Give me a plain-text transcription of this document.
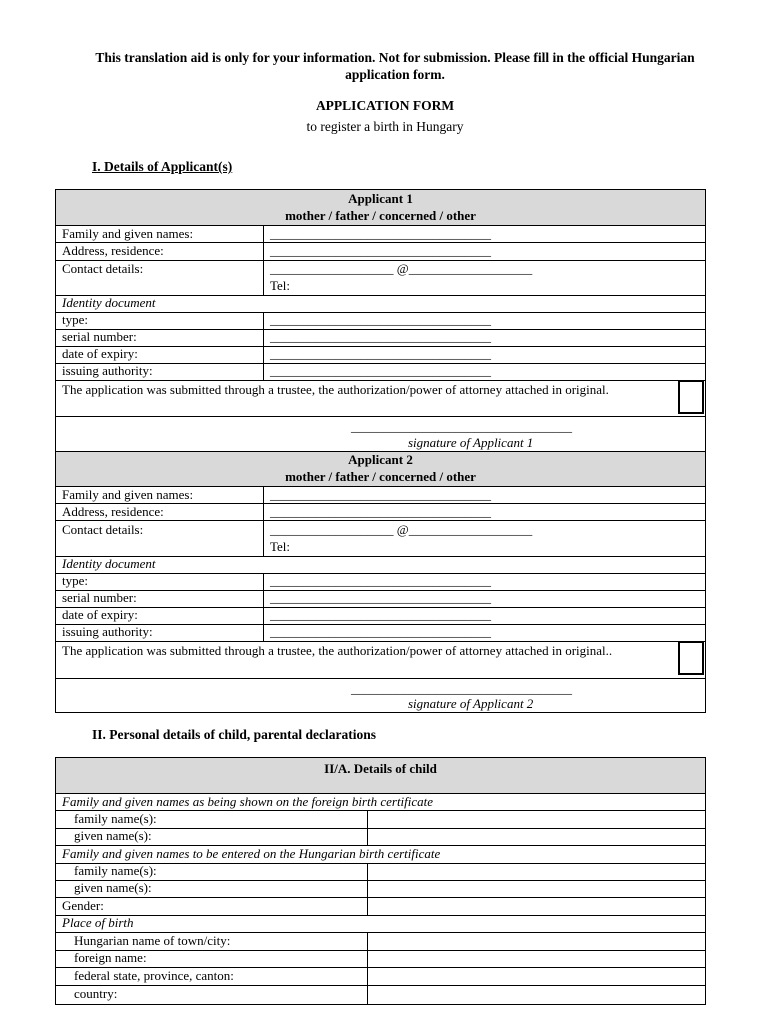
This translation aid is only for your information. Not for submission. Please fill in the official Hungarian application form.
APPLICATION FORM
to register a birth in Hungary
I. Details of Applicant(s)
Applicant 1
mother / father / concerned / other
Family and given names:	__________________________________
Address, residence:	__________________________________
Contact details:	___________________ @___________________
Tel:
Identity document
type:	__________________________________
serial number:	__________________________________
date of expiry:	__________________________________
issuing authority:	__________________________________
The application was submitted through a trustee, the authorization/power of attorney attached in original.
__________________________________
signature of Applicant 1
Applicant 2
mother / father / concerned / other
Family and given names:	__________________________________
Address, residence:	__________________________________
Contact details:	___________________ @___________________
Tel:
Identity document
type:	__________________________________
serial number:	__________________________________
date of expiry:	__________________________________
issuing authority:	__________________________________
The application was submitted through a trustee, the authorization/power of attorney attached in original..
__________________________________
signature of Applicant 2
II. Personal details of child, parental declarations
II/A. Details of child
Family and given names as being shown on the foreign birth certificate
family name(s):
given name(s):
Family and given names to be entered on the Hungarian birth certificate
family name(s):
given name(s):
Gender:
Place of birth
Hungarian name of town/city:
foreign name:
federal state, province, canton:
country:
